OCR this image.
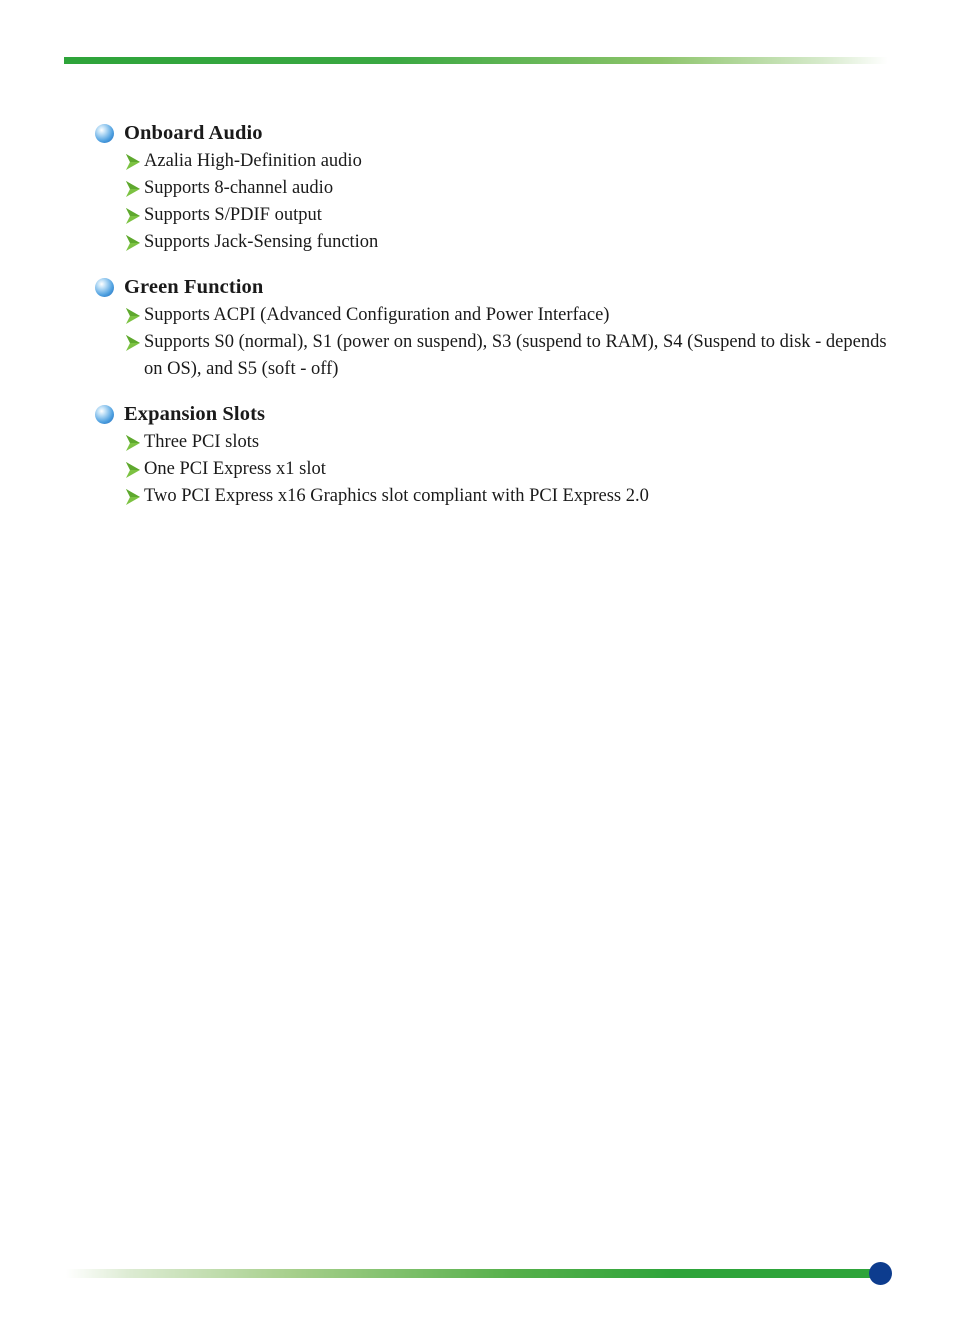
Onboard Audio
Azalia High-Definition audio
Supports 8-channel audio
Supports S/PDIF output
Supports Jack-Sensing function
Green Function
Supports ACPI (Advanced Configuration and Power Interface)
Supports S0 (normal), S1 (power on suspend), S3 (suspend to RAM), S4 (Suspend to disk - depends on OS), and S5 (soft - off)
Expansion Slots
Three PCI slots
One PCI Express x1 slot
Two PCI Express x16 Graphics slot compliant with PCI Express 2.0
